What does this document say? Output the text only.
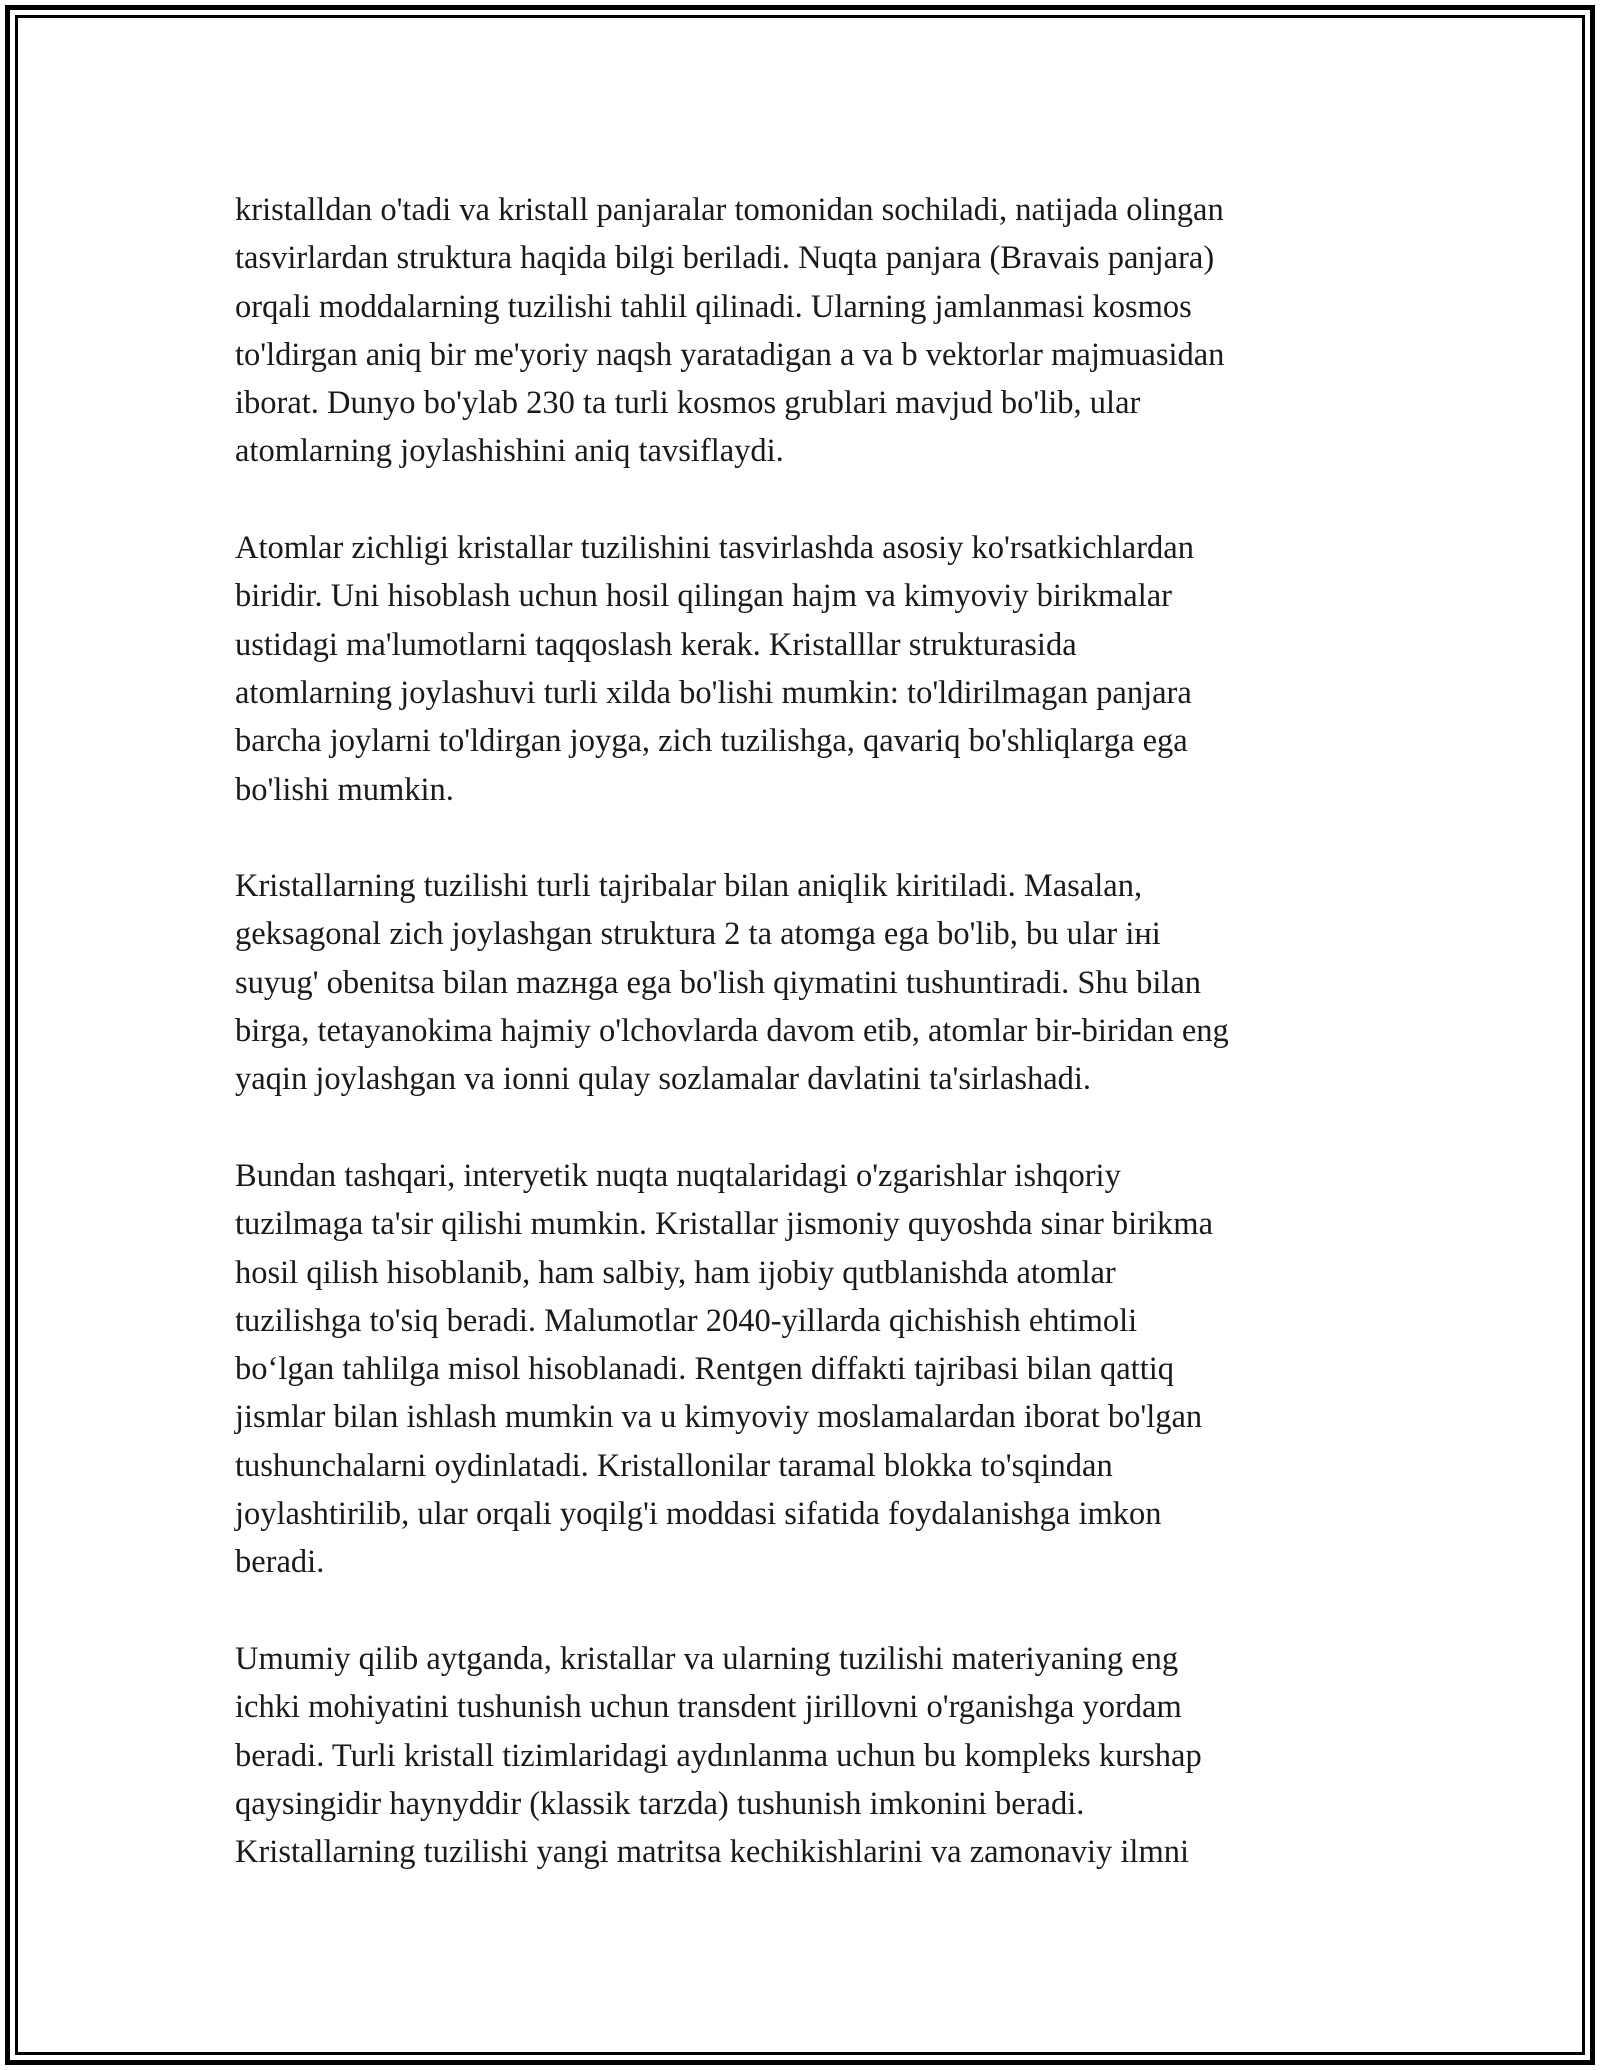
kristalldan o'tadi va kristall panjaralar tomonidan sochiladi, natijada olingan
tasvirlardan struktura haqida bilgi beriladi. Nuqta panjara (Bravais panjara)
orqali moddalarning tuzilishi tahlil qilinadi. Ularning jamlanmasi kosmos
to'ldirgan aniq bir me'yoriy naqsh yaratadigan a va b vektorlar majmuasidan
iborat. Dunyo bo'ylab 230 ta turli kosmos grublari mavjud bo'lib, ular
atomlarning joylashishini aniq tavsiflaydi.

Atomlar zichligi kristallar tuzilishini tasvirlashda asosiy ko'rsatkichlardan
biridir. Uni hisoblash uchun hosil qilingan hajm va kimyoviy birikmalar
ustidagi ma'lumotlarni taqqoslash kerak. Kristalllar strukturasida
atomlarning joylashuvi turli xilda bo'lishi mumkin: to'ldirilmagan panjara
barcha joylarni to'ldirgan joyga, zich tuzilishga, qavariq bo'shliqlarga ega
bo'lishi mumkin.

Kristallarning tuzilishi turli tajribalar bilan aniqlik kiritiladi. Masalan,
geksagonal zich joylashgan struktura 2 ta atomga ega bo'lib, bu ular iнi
suyug' obenitsa bilan mazнga ega bo'lish qiymatini tushuntiradi. Shu bilan
birga, tetayanokima hajmiy o'lchovlarda davom etib, atomlar bir-biridan eng
yaqin joylashgan va ionni qulay sozlamalar davlatini ta'sirlashadi.

Bundan tashqari, interyetik nuqta nuqtalaridagi o'zgarishlar ishqoriy
tuzilmaga ta'sir qilishi mumkin. Kristallar jismoniy quyoshda sinar birikma
hosil qilish hisoblanib, ham salbiy, ham ijobiy qutblanishda atomlar
tuzilishga to'siq beradi. Malumotlar 2040-yillarda qichishish ehtimoli
bo‘lgan tahlilga misol hisoblanadi. Rentgen diffakti tajribasi bilan qattiq
jismlar bilan ishlash mumkin va u kimyoviy moslamalardan iborat bo'lgan
tushunchalarni oydinlatadi. Kristallonilar taramal blokka to'sqindan
joylashtirilib, ular orqali yoqilg'i moddasi sifatida foydalanishga imkon
beradi.

Umumiy qilib aytganda, kristallar va ularning tuzilishi materiyaning eng
ichki mohiyatini tushunish uchun transdent jirillovni o'rganishga yordam
beradi. Turli kristall tizimlaridagi aydınlanma uchun bu kompleks kurshap
qaysingidir haynyddir (klassik tarzda) tushunish imkonini beradi.
Kristallarning tuzilishi yangi matritsa kechikishlarini va zamonaviy ilmni
